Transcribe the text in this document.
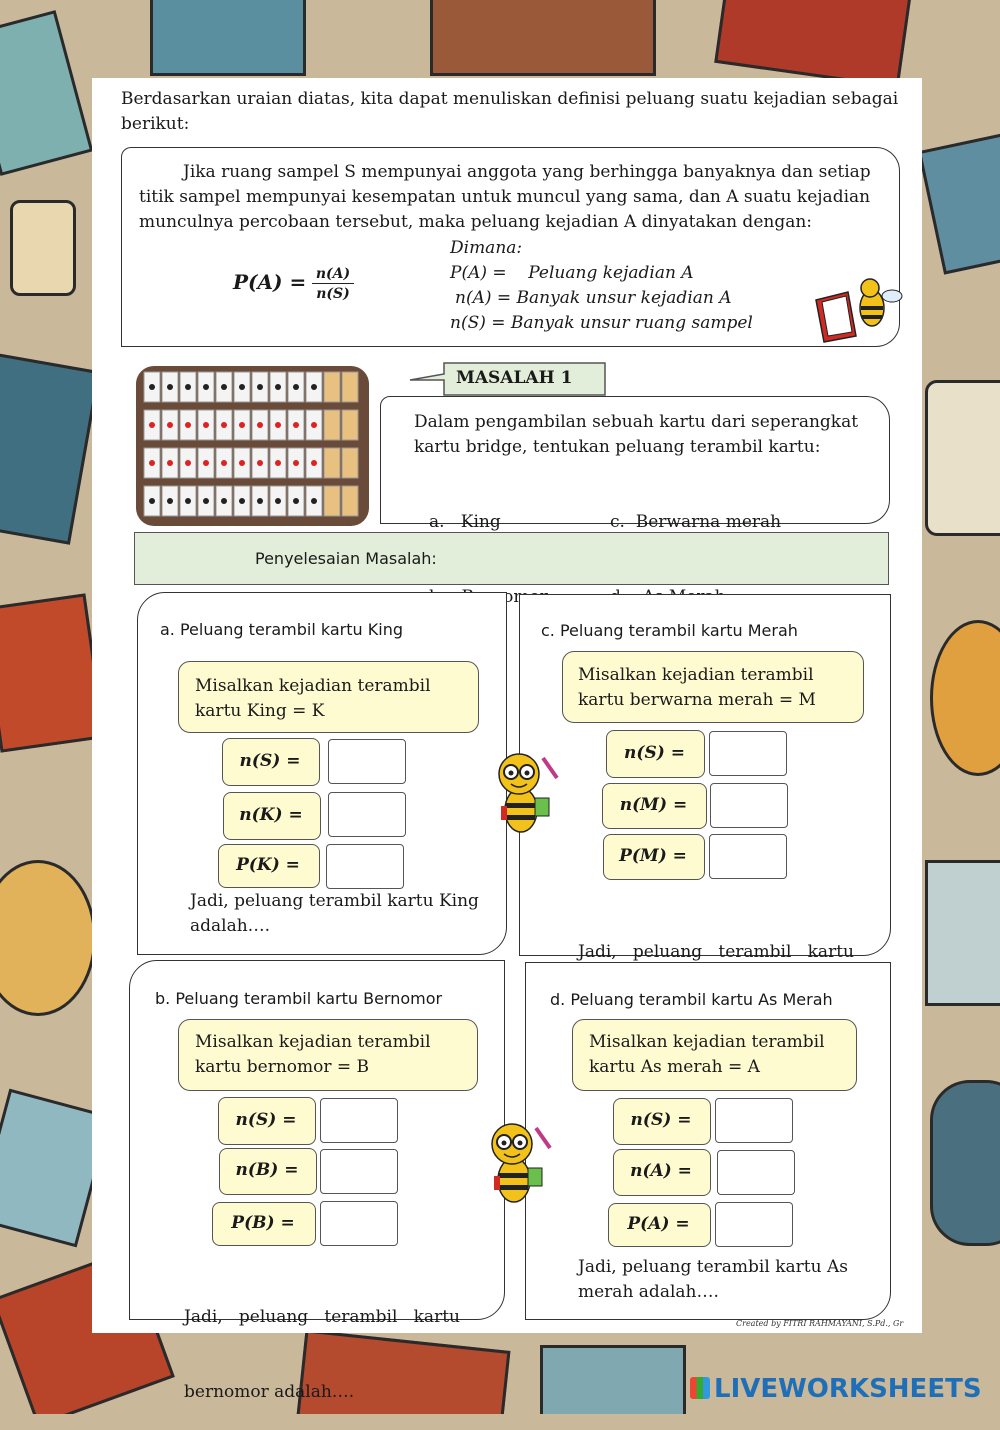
Berdasarkan uraian diatas, kita dapat menuliskan definisi peluang suatu kejadian sebagai
berikut:
Jika ruang sampel S mempunyai anggota yang berhingga banyaknya dan setiap
titik sampel mempunyai kesempatan untuk muncul yang sama, dan A suatu kejadian
munculnya percobaan tersebut, maka peluang kejadian A dinyatakan dengan:
P(A) = n(A)
n(S)
Dimana:
P(A) =    Peluang kejadian A
n(A) = Banyak unsur kejadian A
n(S) = Banyak unsur ruang sampel
MASALAH 1
Dalam pengambilan sebuah kartu dari seperangkat
kartu bridge, tentukan peluang terambil kartu:

a.   King

	c.  Berwarna merah

Penyelesaian Masalah:
a. Peluang terambil kartu King
Misalkan kejadian terambil
kartu King = K
n(S) =
n(K) =
P(K) =
Jadi, peluang terambil kartu King
adalah….
c. Peluang terambil kartu Merah
Misalkan kejadian terambil
kartu berwarna merah = M
n(S) =
n(M) =
P(M) =

Jadi,   peluang   terambil   kartu

b. Peluang terambil kartu Bernomor
Misalkan kejadian terambil
kartu bernomor = B
n(S) =
n(B) =
P(B) =

Jadi,   peluang   terambil   kartu

bernomor adalah….

d. Peluang terambil kartu As Merah
Misalkan kejadian terambil
kartu As merah = A
n(S) =
n(A) =
P(A) =
Jadi, peluang terambil kartu As
merah adalah….
Created by FITRI RAHMAYANI, S.Pd., Gr
LIVEWORKSHEETS
